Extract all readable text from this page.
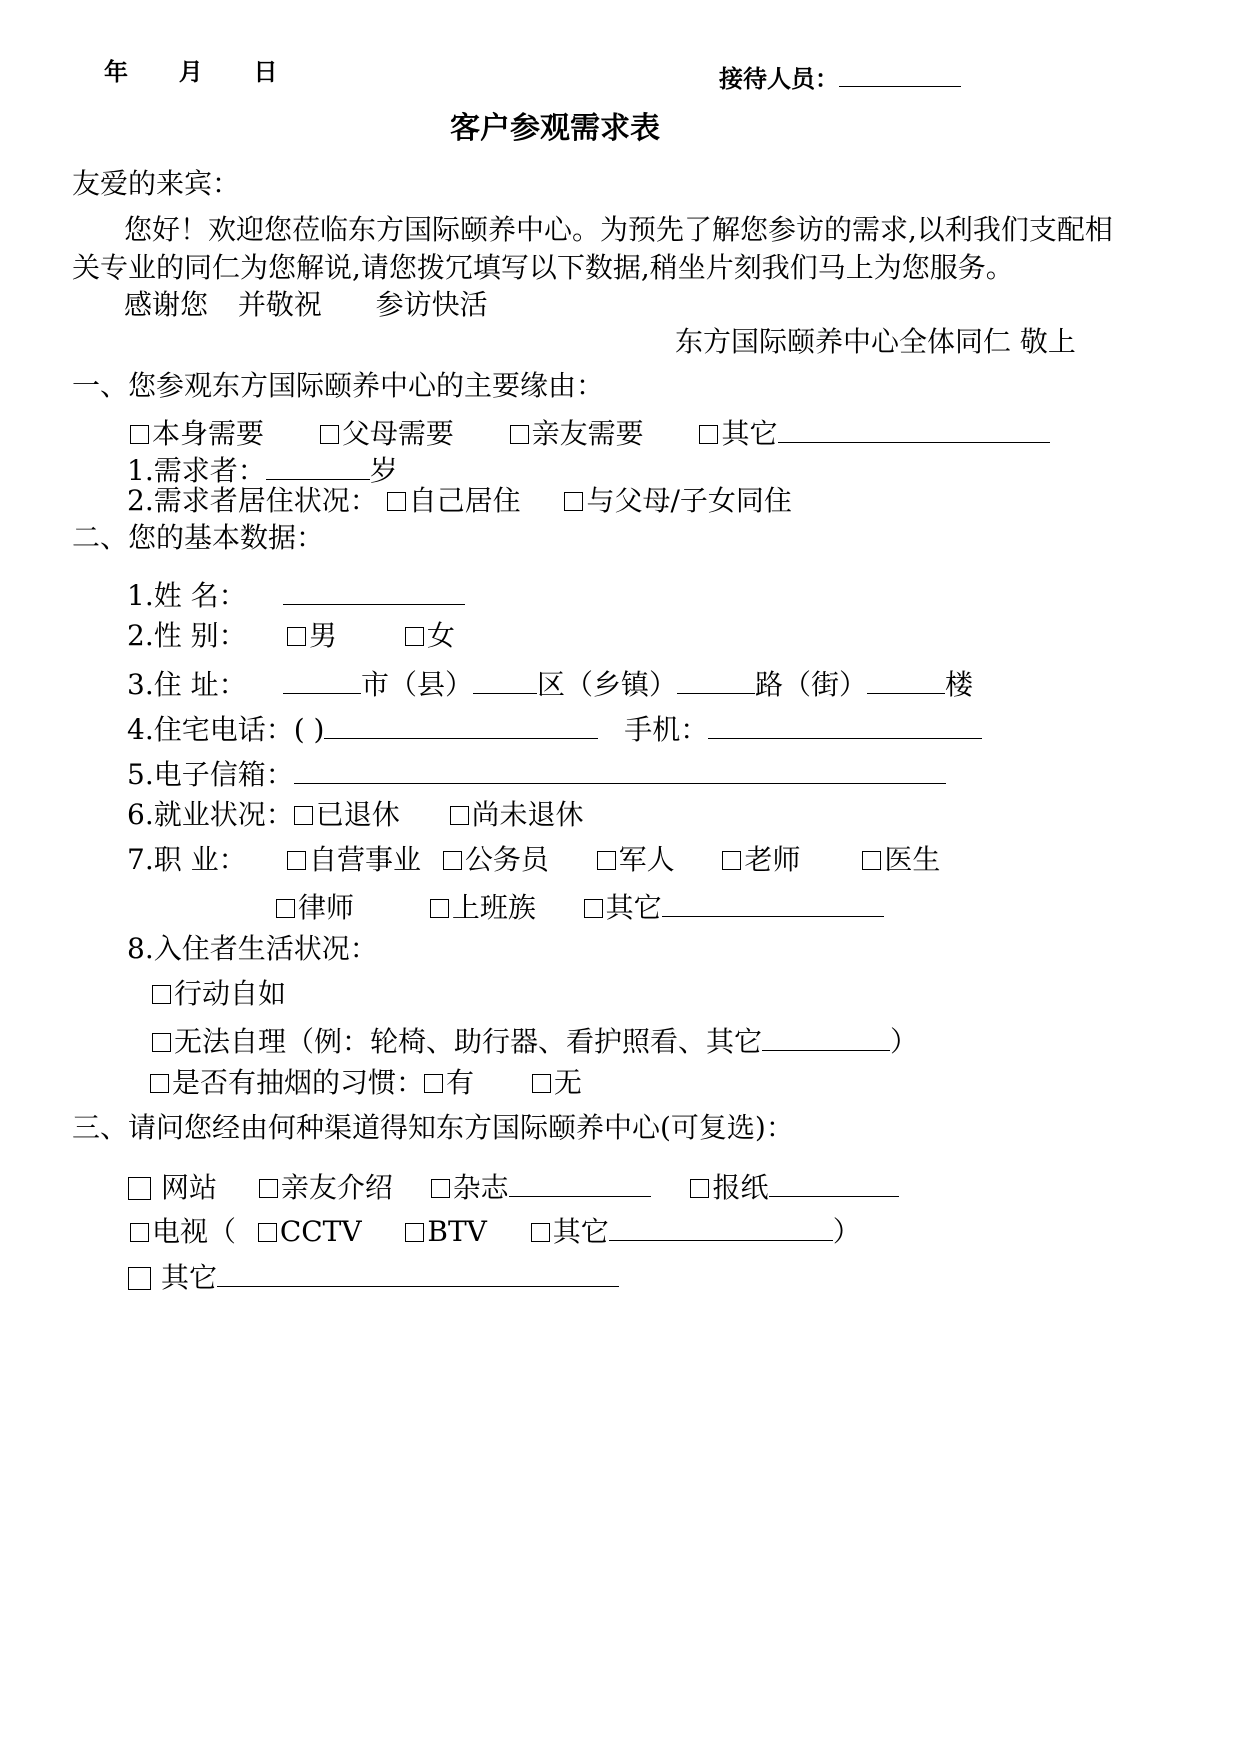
年 月 日	接待人员：
客户参观需求表
友爱的来宾：
您好！欢迎您莅临东方国际颐养中心。为预先了解您参访的需求,以利我们支配相
关专业的同仁为您解说,请您拨冗填写以下数据,稍坐片刻我们马上为您服务。
感谢您 并敬祝 参访快活
东方国际颐养中心全体同仁 敬上
一、您参观东方国际颐养中心的主要缘由：
本身需要	父母需要	亲友需要	其它
1.需求者：	岁
2.需求者居住状况： 自己居住 与父母/子女同住
二、您的基本数据：
1.姓 名：
2.性 别： 男	女
3.住 址：	市（县） 区（乡镇）	路（街）	楼
4.住宅电话：( )	手机：
5.电子信箱：
6.就业状况： 已退休	尚未退休
7.职 业： 自营事业 公务员 军人 老师	医生
律师	上班族 其它
8.入住者生活状况：
行动自如
无法自理（例：轮椅、助行器、看护照看、其它	）
是否有抽烟的习惯： 有	无
三、请问您经由何种渠道得知东方国际颐养中心(可复选)：
网站 亲友介绍 杂志	报纸
电视（ CCTV BTV 其它	）
其它
